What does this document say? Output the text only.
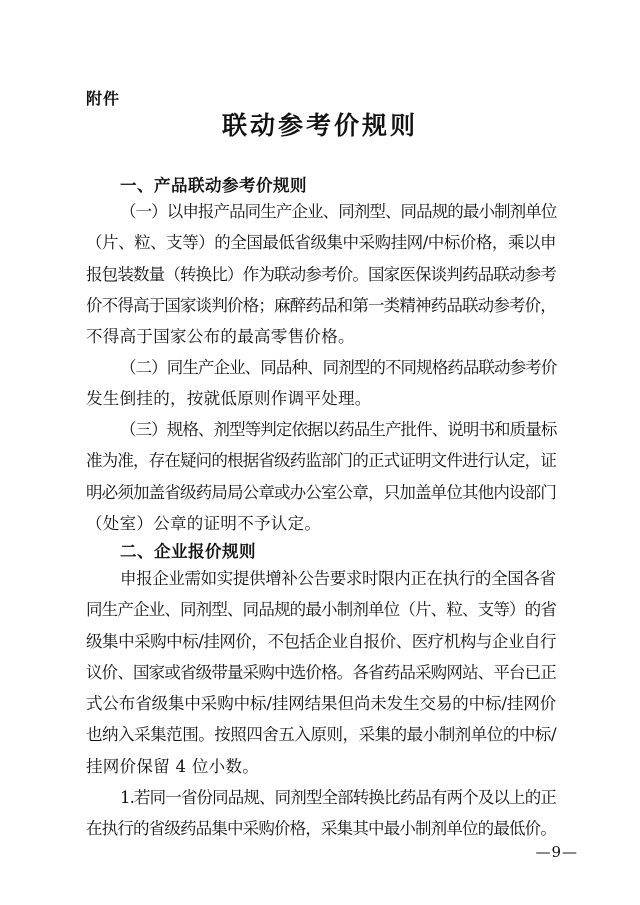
附件
联动参考价规则
一、产品联动参考价规则
（一）以申报产品同生产企业、同剂型、同品规的最小制剂单位
（片、粒、支等）的全国最低省级集中采购挂网/中标价格，乘以申
报包装数量（转换比）作为联动参考价。国家医保谈判药品联动参考
价不得高于国家谈判价格；麻醉药品和第一类精神药品联动参考价，
不得高于国家公布的最高零售价格。
（二）同生产企业、同品种、同剂型的不同规格药品联动参考价
发生倒挂的，按就低原则作调平处理。
（三）规格、剂型等判定依据以药品生产批件、说明书和质量标
准为准，存在疑问的根据省级药监部门的正式证明文件进行认定，证
明必须加盖省级药局局公章或办公室公章，只加盖单位其他内设部门
（处室）公章的证明不予认定。
二、企业报价规则
申报企业需如实提供增补公告要求时限内正在执行的全国各省
同生产企业、同剂型、同品规的最小制剂单位（片、粒、支等）的省
级集中采购中标/挂网价，不包括企业自报价、医疗机构与企业自行
议价、国家或省级带量采购中选价格。各省药品采购网站、平台已正
式公布省级集中采购中标/挂网结果但尚未发生交易的中标/挂网价
也纳入采集范围。按照四舍五入原则，采集的最小制剂单位的中标/
挂网价保留 4 位小数。
1.若同一省份同品规、同剂型全部转换比药品有两个及以上的正
在执行的省级药品集中采购价格，采集其中最小制剂单位的最低价。
—9—
